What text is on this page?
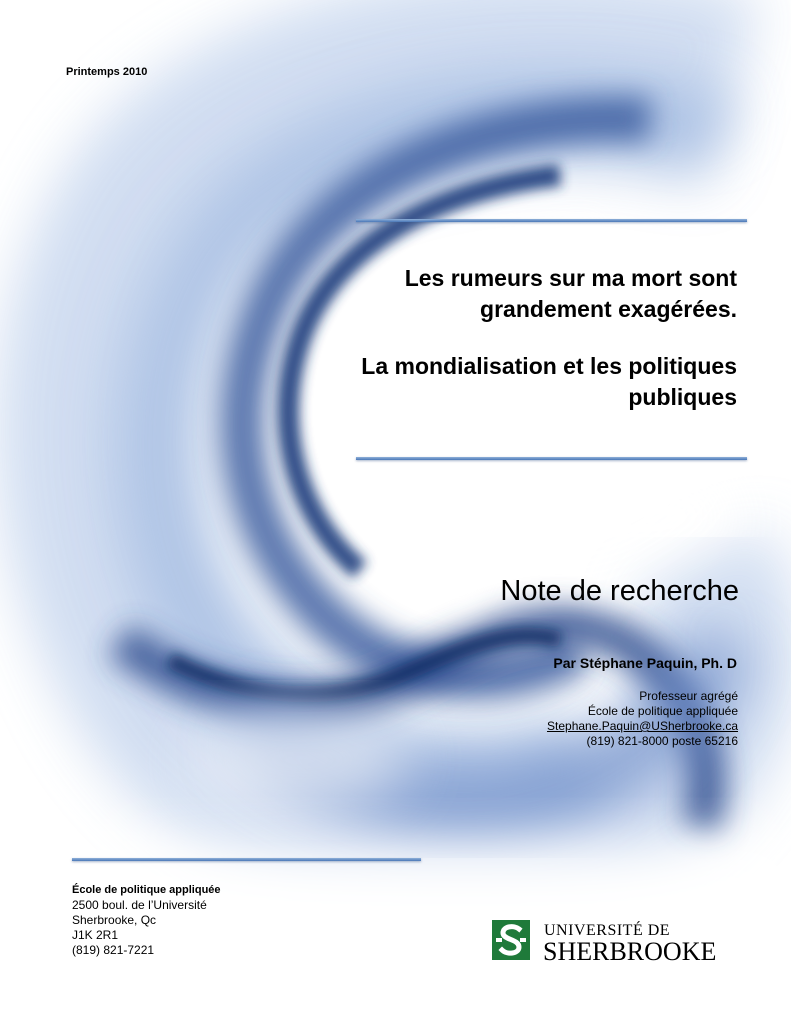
Printemps 2010
Les rumeurs sur ma mort sont
grandement exagérées.
La mondialisation et les politiques
publiques
Note de recherche
Par Stéphane Paquin, Ph. D
Professeur agrégé
École de politique appliquée
Stephane.Paquin@USherbrooke.ca
(819) 821-8000 poste 65216
École de politique appliquée
2500 boul. de l’Université
Sherbrooke, Qc
J1K 2R1
(819) 821-7221
UNIVERSITÉ DE
SHERBROOKE
